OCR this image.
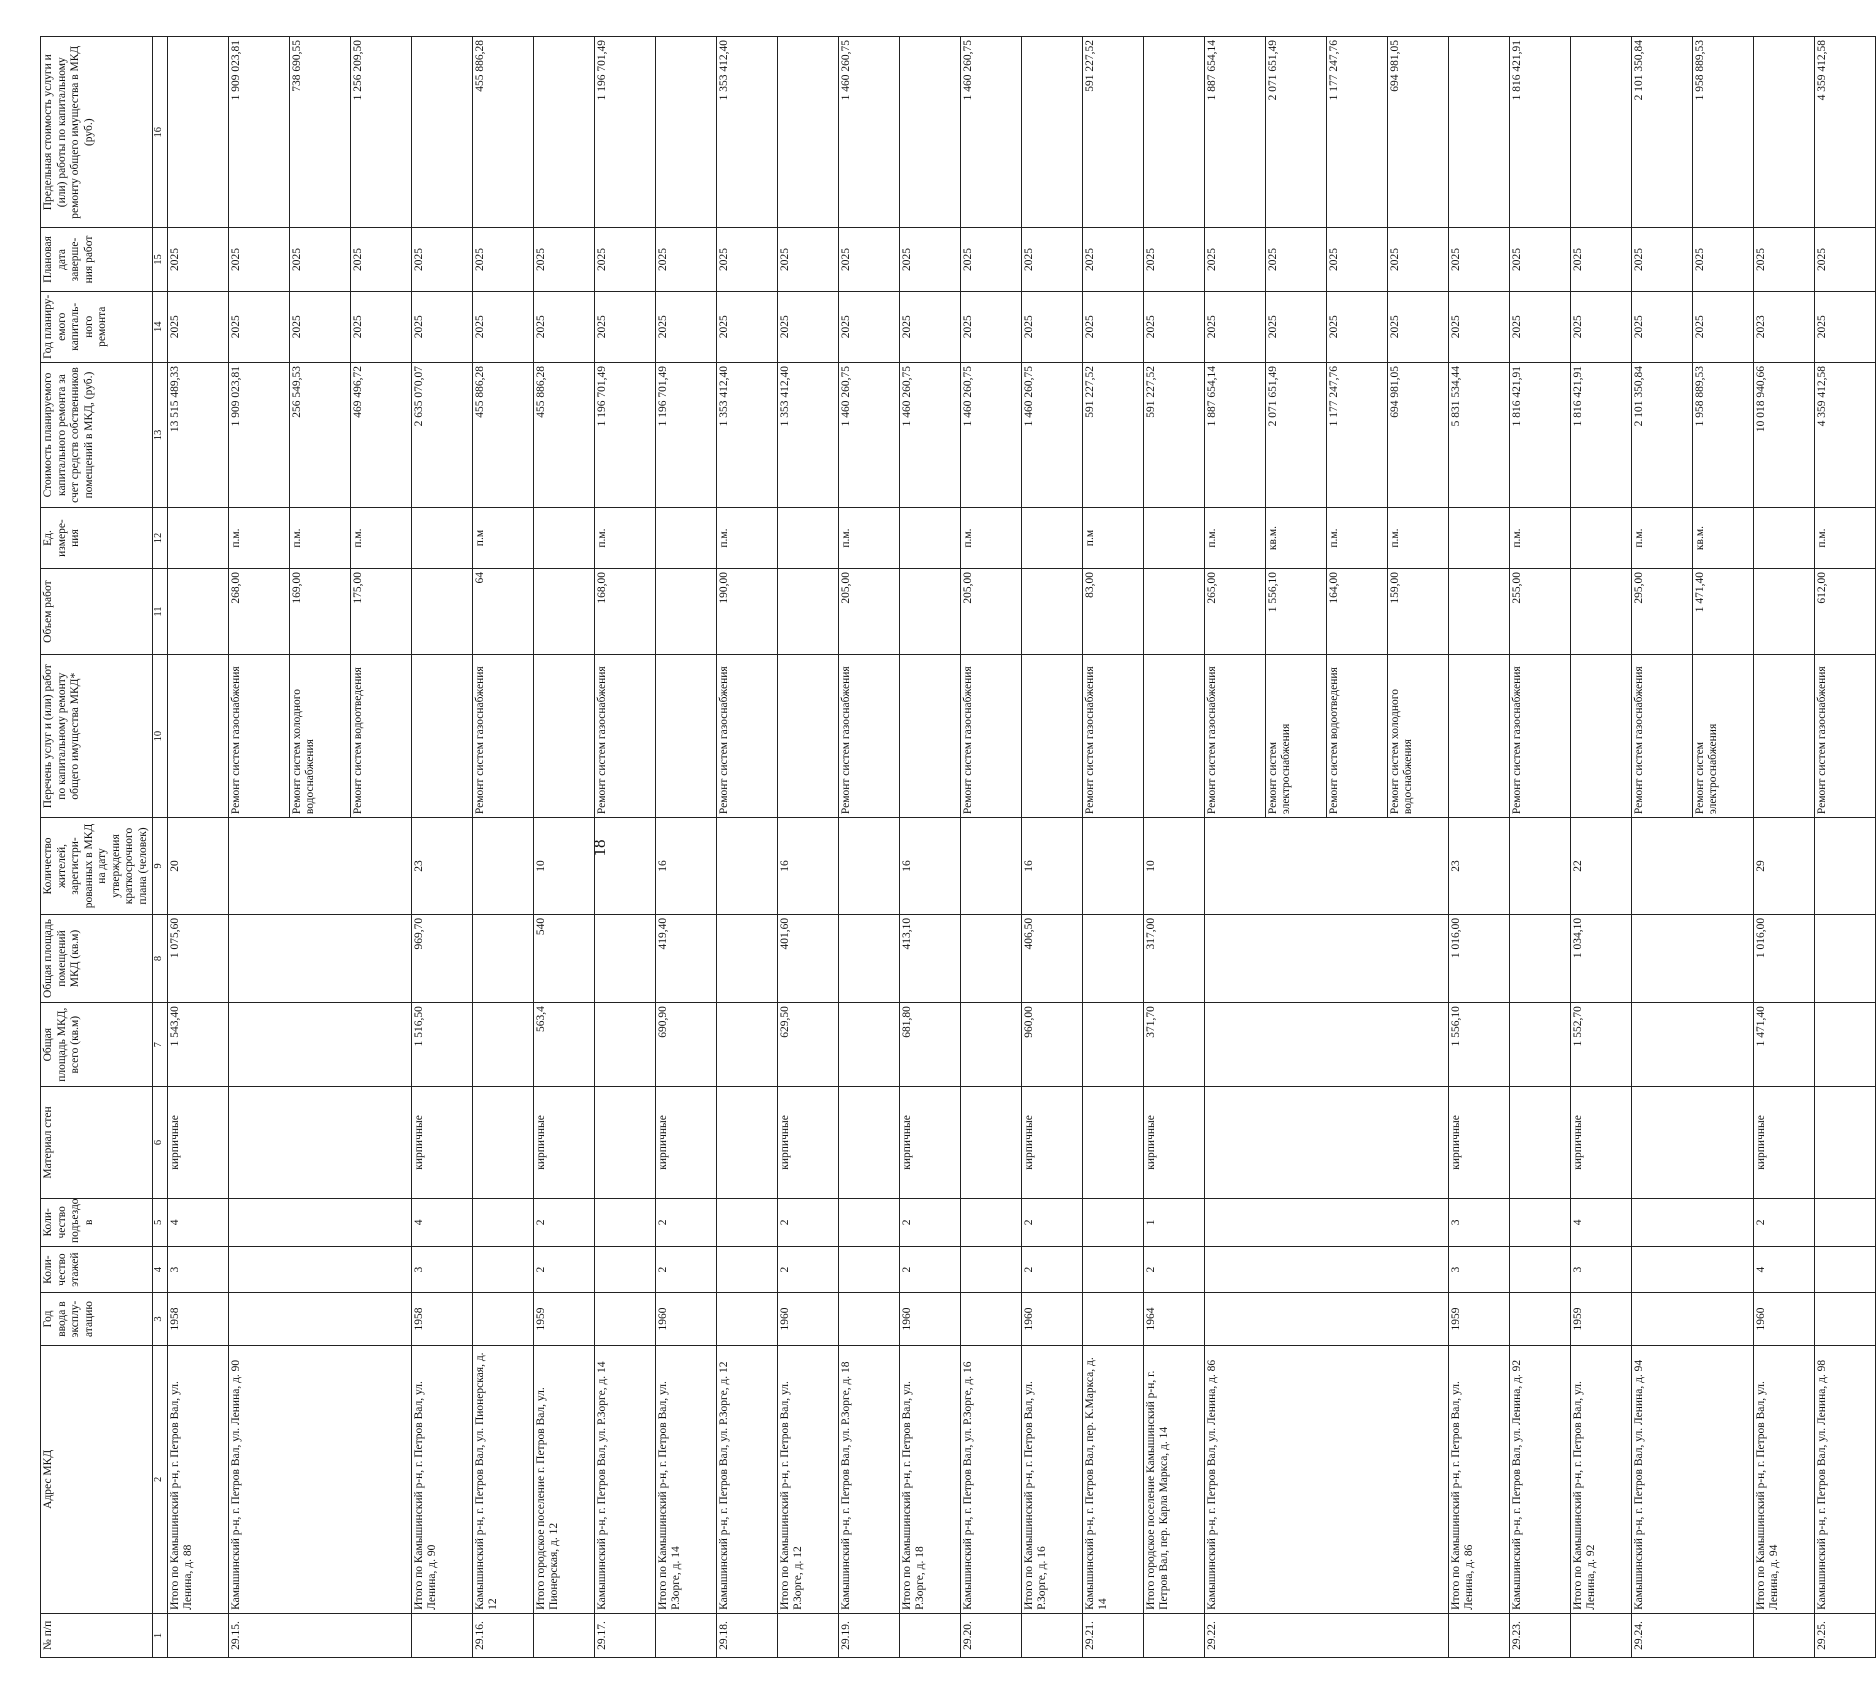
18
№ п/п	Адрес МКД	Год ввода в эксплу-атацию	Коли-чество этажей	Коли-чество подъездо в	Материал стен	Общая площадь МКД, всего (кв.м)	Общая площадь помещений МКД (кв.м)	Количество жителей, зарегистри-рованных в МКД на дату утверждения краткосрочного плана (человек)	Перечень услуг и (или) работ по капитальному ремонту общего имущества МКД*	Объем работ	Ед. измере-ния	Стоимость планируемого капитального ремонта за счет средств собственников помещений в МКД, (руб.)	Год планиру-емого капиталь-ного ремонта	Плановая дата заверше-ния работ	Предельная стоимость услуги и (или) работы по капитальному ремонту общего имущества в МКД (руб.)
1	2	3	4	5	6	7	8	9	10	11	12	13	14	15	16
	Итого по Камышинский р-н, г. Петров Вал, ул. Ленина, д. 88	1958	3	4	кирпичные	1 543,40	1 075,60	20				13 515 489,33	2025	2025	
29.15.	Камышинский р-н, г. Петров Вал, ул. Ленина, д. 90								Ремонт систем газоснабжения	268,00	п.м.	1 909 023,81	2025	2025	1 909 023,81
									Ремонт систем холодного водоснабжения	169,00	п.м.	256 549,53	2025	2025	738 690,55
									Ремонт систем водоотведения	175,00	п.м.	469 496,72	2025	2025	1 256 209,50
	Итого по Камышинский р-н, г. Петров Вал, ул. Ленина, д. 90	1958	3	4	кирпичные	1 516,50	969,70	23				2 635 070,07	2025	2025	
29.16.	Камышинский р-н, г. Петров Вал, ул. Пионерская, д. 12								Ремонт систем газоснабжения	64	п.м	455 886,28	2025	2025	455 886,28
	Итого городское поселение г. Петров Вал, ул. Пионерская, д. 12	1959	2	2	кирпичные	563,4	540	10				455 886,28	2025	2025	
29.17.	Камышинский р-н, г. Петров Вал, ул. Р.Зорге, д. 14								Ремонт систем газоснабжения	168,00	п.м.	1 196 701,49	2025	2025	1 196 701,49
	Итого по Камышинский р-н, г. Петров Вал, ул. Р.Зорге, д. 14	1960	2	2	кирпичные	690,90	419,40	16				1 196 701,49	2025	2025	
29.18.	Камышинский р-н, г. Петров Вал, ул. Р.Зорге, д. 12								Ремонт систем газоснабжения	190,00	п.м.	1 353 412,40	2025	2025	1 353 412,40
	Итого по Камышинский р-н, г. Петров Вал, ул. Р.Зорге, д. 12	1960	2	2	кирпичные	629,50	401,60	16				1 353 412,40	2025	2025	
29.19.	Камышинский р-н, г. Петров Вал, ул. Р.Зорге, д. 18								Ремонт систем газоснабжения	205,00	п.м.	1 460 260,75	2025	2025	1 460 260,75
	Итого по Камышинский р-н, г. Петров Вал, ул. Р.Зорге, д. 18	1960	2	2	кирпичные	681,80	413,10	16				1 460 260,75	2025	2025	
29.20.	Камышинский р-н, г. Петров Вал, ул. Р.Зорге, д. 16								Ремонт систем газоснабжения	205,00	п.м.	1 460 260,75	2025	2025	1 460 260,75
	Итого по Камышинский р-н, г. Петров Вал, ул. Р.Зорге, д. 16	1960	2	2	кирпичные	960,00	406,50	16				1 460 260,75	2025	2025	
29.21.	Камышинский р-н, г. Петров Вал, пер. К.Маркса, д. 14								Ремонт систем газоснабжения	83,00	п.м	591 227,52	2025	2025	591 227,52
	Итого городское поселение Камышинский р-н, г. Петров Вал, пер. Карла Маркса, д. 14	1964	2	1	кирпичные	371,70	317,00	10				591 227,52	2025	2025	
29.22.	Камышинский р-н, г. Петров Вал, ул. Ленина, д. 86								Ремонт систем газоснабжения	265,00	п.м.	1 887 654,14	2025	2025	1 887 654,14
									Ремонт систем электроснабжения	1 556,10	кв.м.	2 071 651,49	2025	2025	2 071 651,49
									Ремонт систем водоотведения	164,00	п.м.	1 177 247,76	2025	2025	1 177 247,76
									Ремонт систем холодного водоснабжения	159,00	п.м.	694 981,05	2025	2025	694 981,05
	Итого по Камышинский р-н, г. Петров Вал, ул. Ленина, д. 86	1959	3	3	кирпичные	1 556,10	1 016,00	23				5 831 534,44	2025	2025	
29.23.	Камышинский р-н, г. Петров Вал, ул. Ленина, д. 92								Ремонт систем газоснабжения	255,00	п.м.	1 816 421,91	2025	2025	1 816 421,91
	Итого по Камышинский р-н, г. Петров Вал, ул. Ленина, д. 92	1959	3	4	кирпичные	1 552,70	1 034,10	22				1 816 421,91	2025	2025	
29.24.	Камышинский р-н, г. Петров Вал, ул. Ленина, д. 94								Ремонт систем газоснабжения	295,00	п.м.	2 101 350,84	2025	2025	2 101 350,84
									Ремонт систем электроснабжения	1 471,40	кв.м.	1 958 889,53	2025	2025	1 958 889,53
	Итого по Камышинский р-н, г. Петров Вал, ул. Ленина, д. 94	1960	4	2	кирпичные	1 471,40	1 016,00	29				10 018 940,66	2023	2025	
29.25.	Камышинский р-н, г. Петров Вал, ул. Ленина, д. 98								Ремонт систем газоснабжения	612,00	п.м.	4 359 412,58	2025	2025	4 359 412,58
